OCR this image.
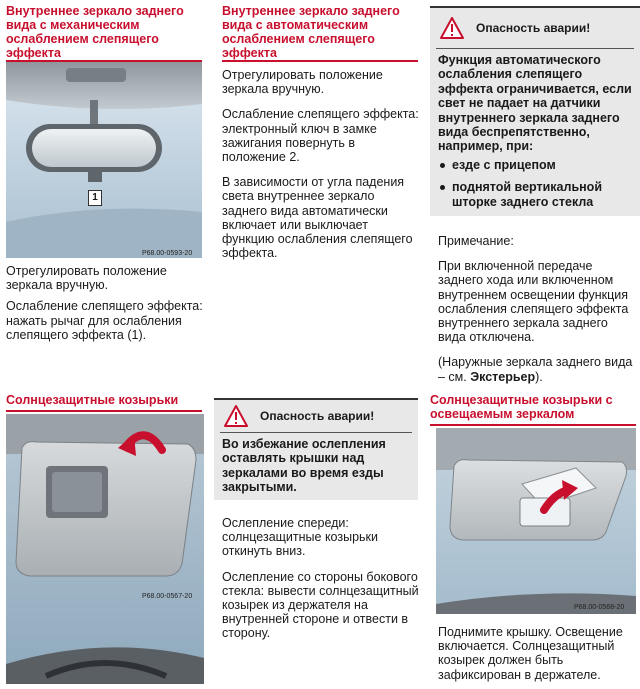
Внутреннее зеркало заднего вида с механическим ослаблением слепящего эффекта
1
P68.00-0593-20

Отрегулировать положение зеркала вручную.

Ослабление слепящего эффекта:

нажать рычаг для ослабления слепящего эффекта (1).

Внутреннее зеркало заднего вида с автоматическим ослаблением слепящего эффекта

Отрегулировать положение зеркала вручную.

Ослабление слепящего эффекта: электронный ключ в замке зажигания повернуть в положение 2.

В зависимости от угла падения света внутреннее зеркало заднего вида автоматически включает или выключает функцию ослабления слепящего эффекта.

Опасность аварии!
Функция автоматического ослабления слепящего эффекта ограничивается, если свет не падает на датчики внутреннего зеркала заднего вида беспрепятственно, например, при:
езде с прицепом
поднятой вертикальной шторке заднего стекла

Примечание:

При включенной передаче заднего хода или включенном внутреннем освещении функция ослабления слепящего эффекта внутреннего зеркала заднего вида отключена.

(Наружные зеркала заднего вида – см. Экстерьер).

Солнцезащитные козырьки
P68.00-0567-20
Опасность аварии!
Во избежание ослепления оставлять крышки над зеркалами во время езды закрытыми.

Ослепление спереди: солнцезащитные козырьки откинуть вниз.

Ослепление со стороны бокового стекла: вывести солнцезащитный козырек из держателя на внутренней стороне и отвести в сторону.

Солнцезащитные козырьки с освещаемым зеркалом
P68.00-0568-20

Поднимите крышку. Освещение включается. Солнцезащитный козырек должен быть зафиксирован в держателе.
